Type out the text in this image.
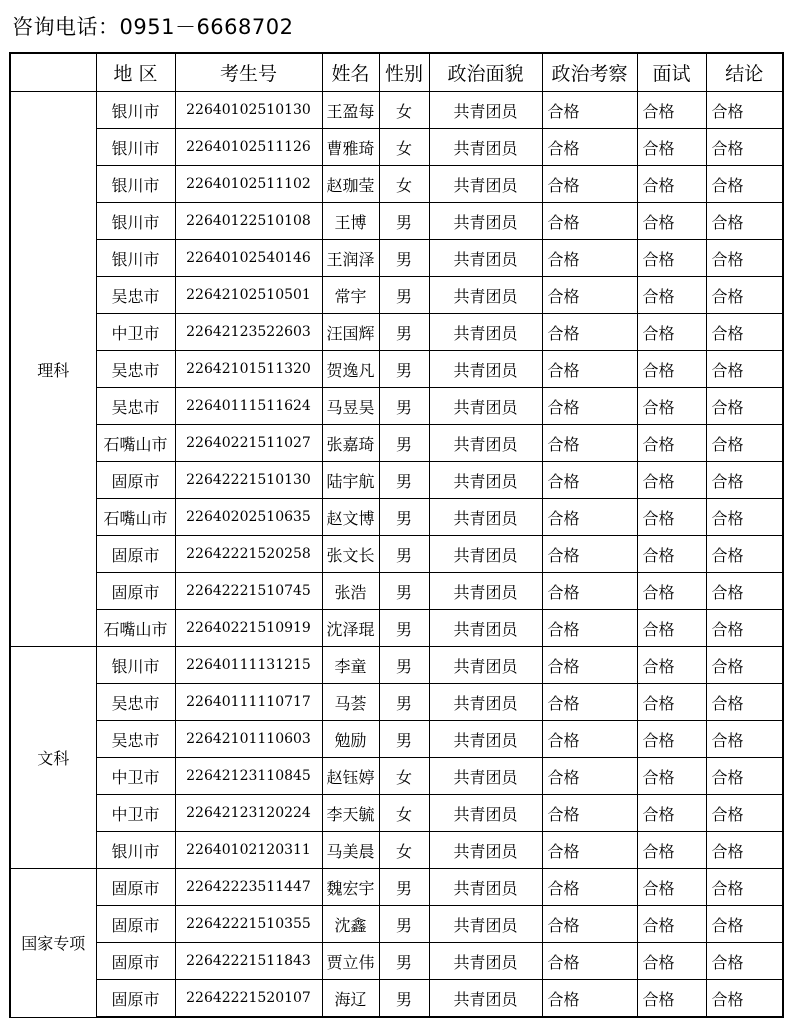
咨询电话：0951－6668702
	地 区	考生号	姓名	性别	政治面貌	政治考察	面试	结论
理科	银川市	22640102510130	王盈每	女	共青团员	合格	合格	合格
	银川市	22640102511126	曹雅琦	女	共青团员	合格	合格	合格
	银川市	22640102511102	赵珈莹	女	共青团员	合格	合格	合格
	银川市	22640122510108	王博	男	共青团员	合格	合格	合格
	银川市	22640102540146	王润泽	男	共青团员	合格	合格	合格
	吴忠市	22642102510501	常宇	男	共青团员	合格	合格	合格
	中卫市	22642123522603	汪国辉	男	共青团员	合格	合格	合格
	吴忠市	22642101511320	贺逸凡	男	共青团员	合格	合格	合格
	吴忠市	22640111511624	马昱昊	男	共青团员	合格	合格	合格
	石嘴山市	22640221511027	张嘉琦	男	共青团员	合格	合格	合格
	固原市	22642221510130	陆宇航	男	共青团员	合格	合格	合格
	石嘴山市	22640202510635	赵文博	男	共青团员	合格	合格	合格
	固原市	22642221520258	张文长	男	共青团员	合格	合格	合格
	固原市	22642221510745	张浩	男	共青团员	合格	合格	合格
	石嘴山市	22640221510919	沈泽琨	男	共青团员	合格	合格	合格
文科	银川市	22640111131215	李童	男	共青团员	合格	合格	合格
	吴忠市	22640111110717	马荟	男	共青团员	合格	合格	合格
	吴忠市	22642101110603	勉励	男	共青团员	合格	合格	合格
	中卫市	22642123110845	赵钰婷	女	共青团员	合格	合格	合格
	中卫市	22642123120224	李天毓	女	共青团员	合格	合格	合格
	银川市	22640102120311	马美晨	女	共青团员	合格	合格	合格
国家专项	固原市	22642223511447	魏宏宇	男	共青团员	合格	合格	合格
	固原市	22642221510355	沈鑫	男	共青团员	合格	合格	合格
	固原市	22642221511843	贾立伟	男	共青团员	合格	合格	合格
	固原市	22642221520107	海辽	男	共青团员	合格	合格	合格
